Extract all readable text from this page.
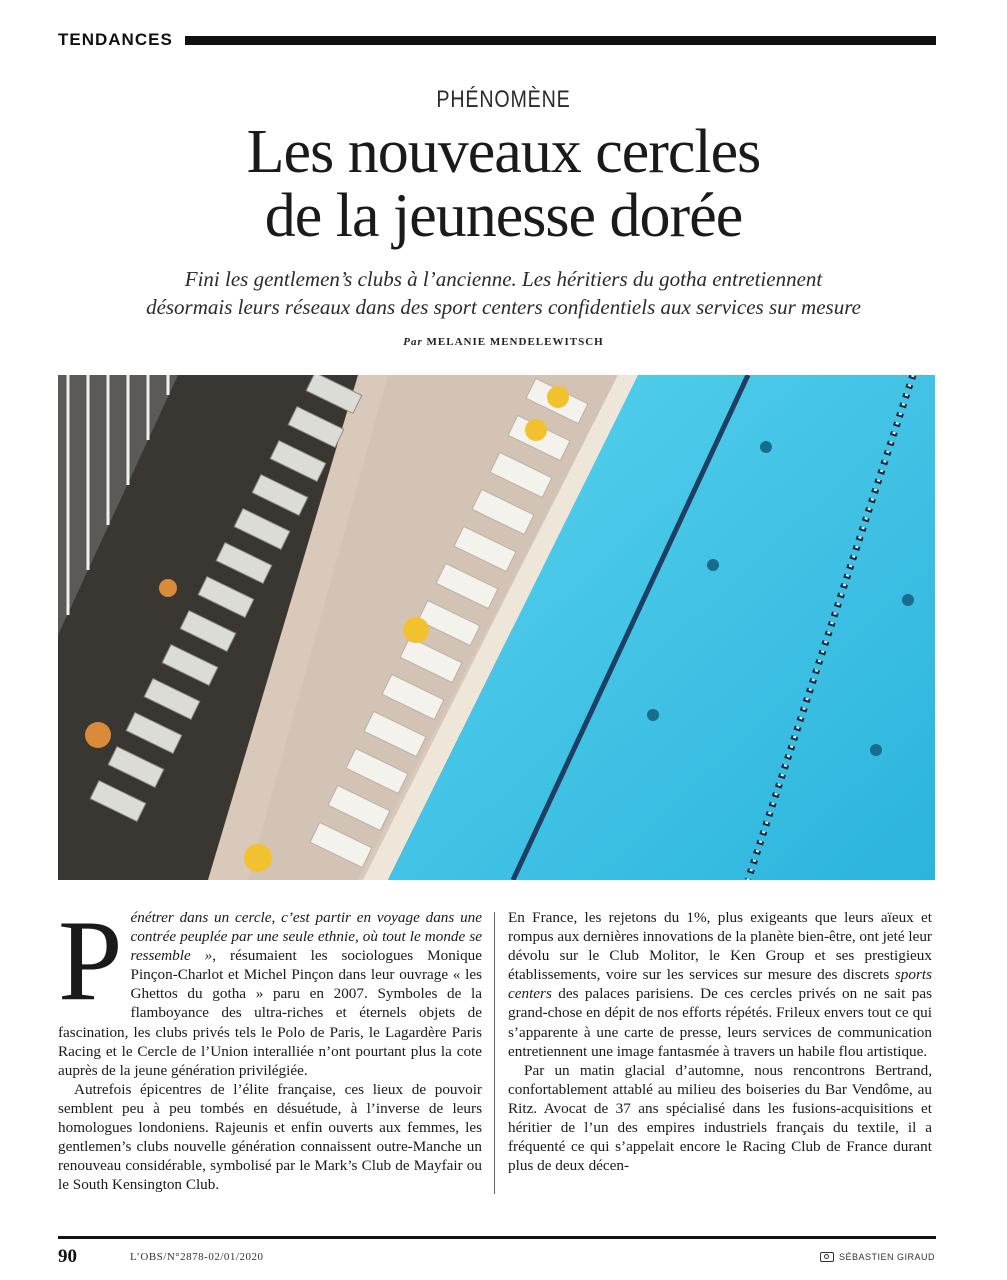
TENDANCES
PHÉNOMÈNE
Les nouveaux cercles
de la jeunesse dorée
Fini les gentlemen’s clubs à l’ancienne. Les héritiers du gotha entretiennent
désormais leurs réseaux dans des sport centers confidentiels aux services sur mesure
Par MELANIE MENDELEWITSCH

Pénétrer dans un cercle, c’est partir en voyage dans une contrée peuplée par une seule ethnie, où tout le monde se ressemble », résumaient les sociologues Monique Pinçon-Charlot et Michel Pinçon dans leur ouvrage « les Ghettos du gotha » paru en 2007. Symboles de la flamboyance des ultra-riches et éternels objets de fascination, les clubs privés tels le Polo de Paris, le Lagardère Paris Racing et le Cercle de l’Union interalliée n’ont pourtant plus la cote auprès de la jeune génération privilégiée.

Autrefois épicentres de l’élite française, ces lieux de pouvoir semblent peu à peu tombés en désuétude, à l’inverse de leurs homologues londoniens. Rajeunis et enfin ouverts aux femmes, les gentlemen’s clubs nouvelle génération connaissent outre-Manche un renouveau considérable, symbolisé par le Mark’s Club de Mayfair ou le South Kensington Club.

En France, les rejetons du 1%, plus exigeants que leurs aïeux et rompus aux dernières innovations de la planète bien-être, ont jeté leur dévolu sur le Club Molitor, le Ken Group et ses prestigieux établissements, voire sur les services sur mesure des discrets sports centers des palaces parisiens. De ces cercles privés on ne sait pas grand-chose en dépit de nos efforts répétés. Frileux envers tout ce qui s’apparente à une carte de presse, leurs services de communication entretiennent une image fantasmée à travers un habile flou artistique.

Par un matin glacial d’automne, nous rencontrons Bertrand, confortablement attablé au milieu des boiseries du Bar Vendôme, au Ritz. Avocat de 37 ans spécialisé dans les fusions-acquisitions et héritier de l’un des empires industriels français du textile, il a fréquenté ce qui s’appelait encore le Racing Club de France durant plus de deux décen-

90	L’OBS/N°2878-02/01/2020	SÉBASTIEN GIRAUD
